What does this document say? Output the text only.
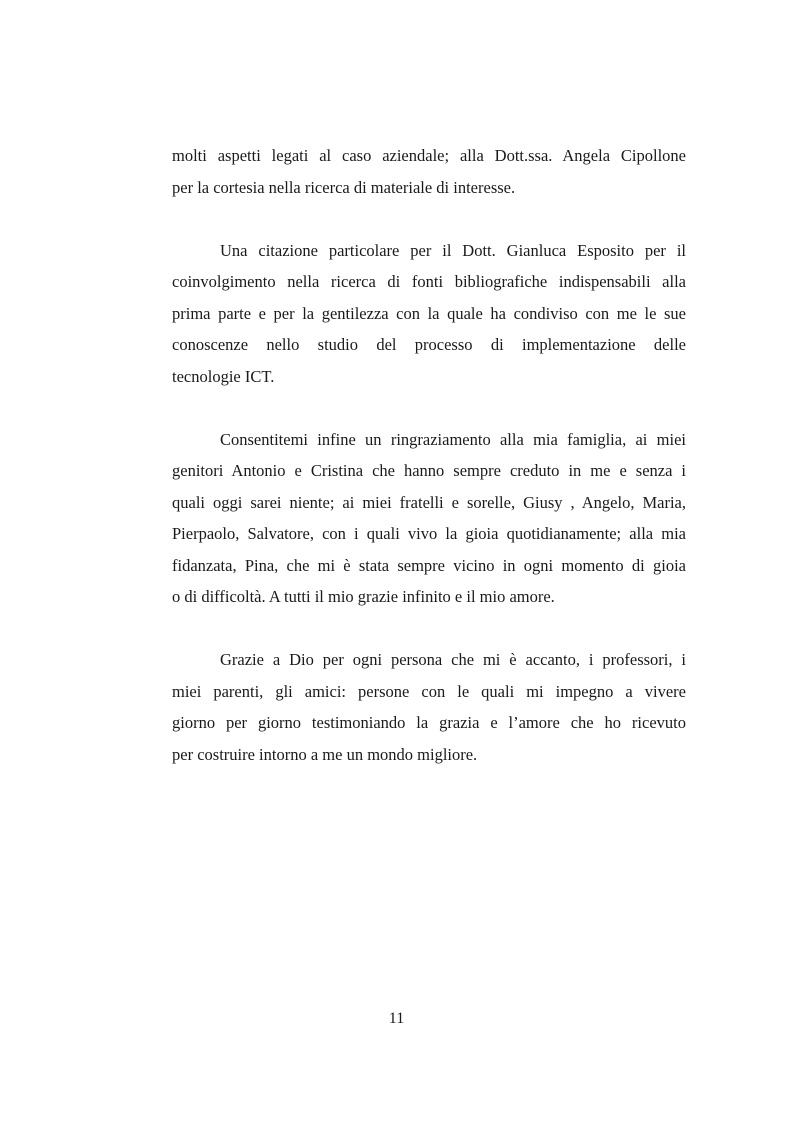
molti aspetti legati al caso aziendale; alla Dott.ssa. Angela Cipollone
per la cortesia nella ricerca di materiale di interesse.

Una citazione particolare per il Dott. Gianluca Esposito per il
coinvolgimento nella ricerca di fonti bibliografiche indispensabili alla
prima parte e per la gentilezza con la quale ha condiviso con me le sue
conoscenze nello studio del processo di implementazione delle
tecnologie ICT.

Consentitemi infine un ringraziamento alla mia famiglia, ai miei
genitori Antonio e Cristina che hanno sempre creduto in me e senza i
quali oggi sarei niente; ai miei fratelli e sorelle, Giusy , Angelo, Maria,
Pierpaolo, Salvatore, con i quali vivo la gioia quotidianamente; alla mia
fidanzata, Pina, che mi è stata sempre vicino in ogni momento di gioia
o di difficoltà. A tutti il mio grazie infinito e il mio amore.

Grazie a Dio per ogni persona che mi è accanto, i professori, i
miei parenti, gli amici: persone con le quali mi impegno a vivere
giorno per giorno testimoniando la grazia e l’amore che ho ricevuto
per costruire intorno a me un mondo migliore.

11
